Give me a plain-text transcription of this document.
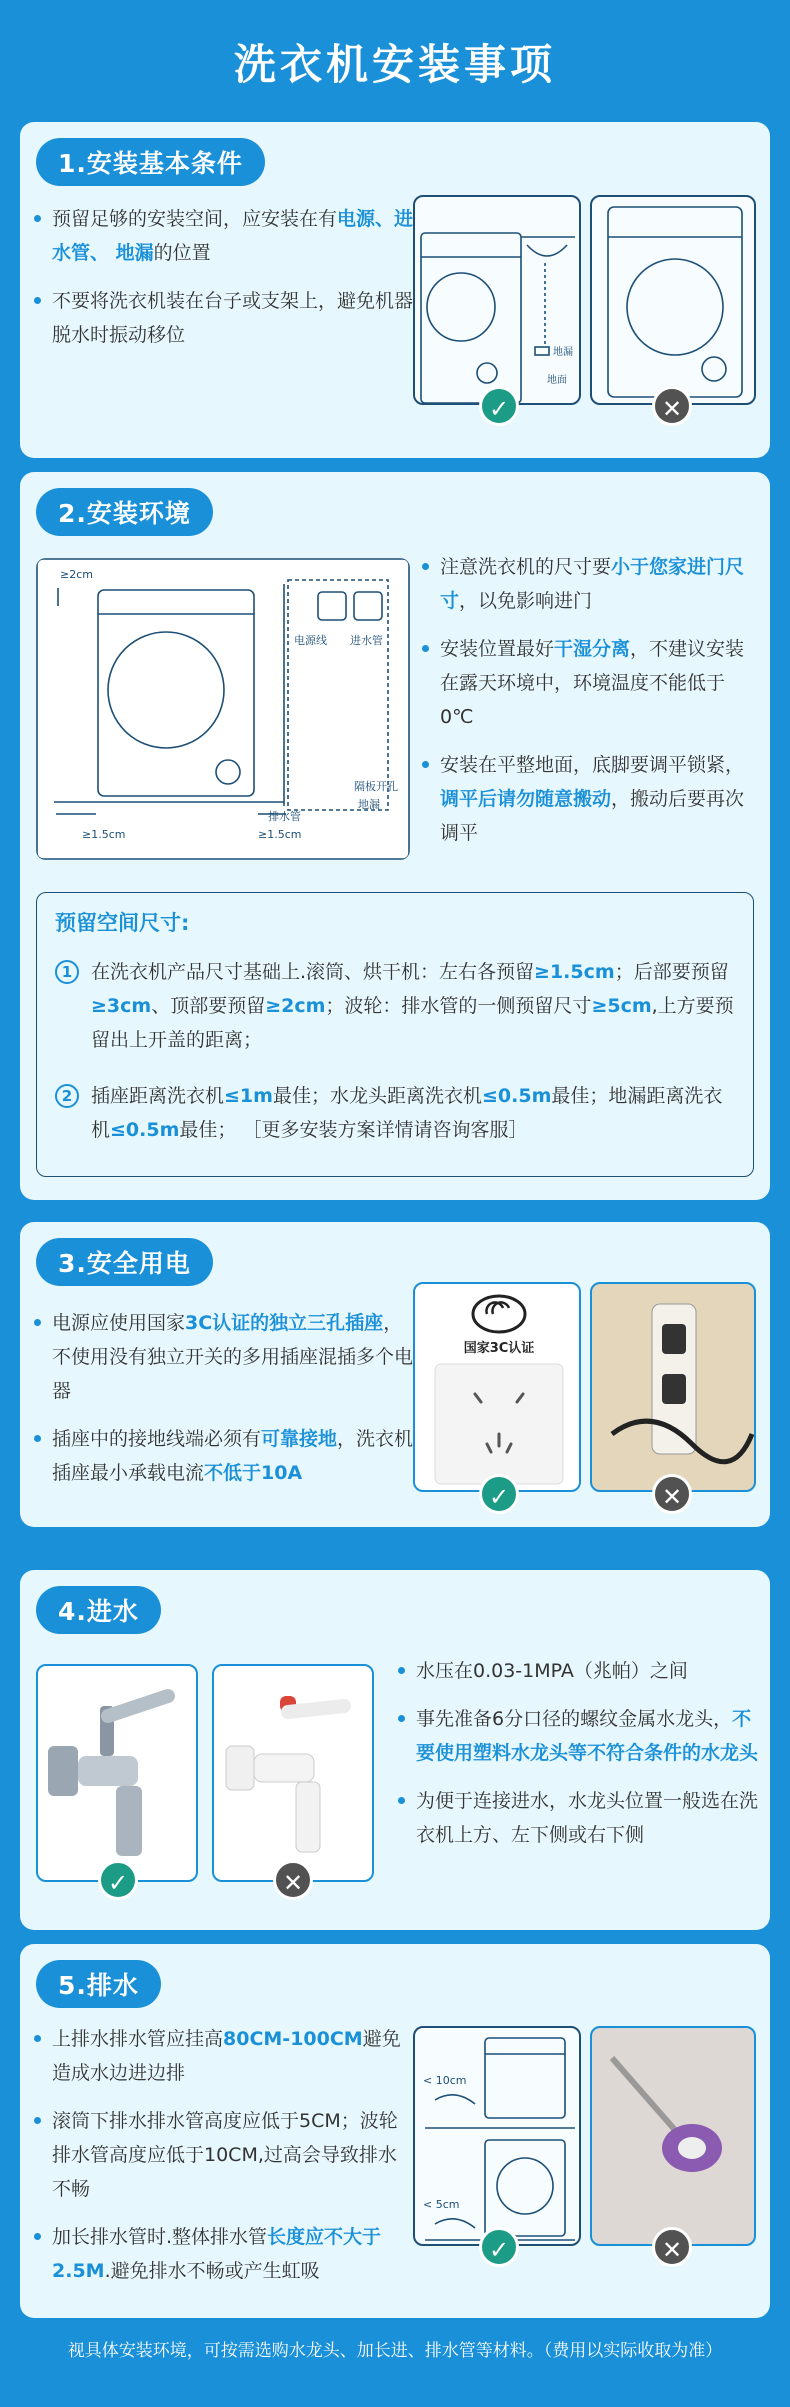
洗衣机安装事项
1.安装基本条件

预留足够的安装空间，应安装在有电源、进水管、 地漏的位置

不要将洗衣机装在台子或支架上，避免机器脱水时振动移位

地漏
地面
✓	✕
2.安装环境
≥2cm
≥1.5cm	≥1.5cm
电源线 进水管
排水管
隔板开孔
地漏

注意洗衣机的尺寸要小于您家进门尺寸，以免影响进门

安装位置最好干湿分离，不建议安装在露天环境中，环境温度不能低于0℃

安装在平整地面，底脚要调平锁紧，调平后请勿随意搬动，搬动后要再次调平

预留空间尺寸:
1 在洗衣机产品尺寸基础上.滚筒、烘干机：左右各预留≥1.5cm；后部要预留≥3cm、顶部要预留≥2cm；波轮：排水管的一侧预留尺寸≥5cm,上方要预留出上开盖的距离；
2 插座距离洗衣机≤1m最佳；水龙头距离洗衣机≤0.5m最佳；地漏距离洗衣机≤0.5m最佳； ［更多安装方案详情请咨询客服］
3.安全用电

电源应使用国家3C认证的独立三孔插座，不使用没有独立开关的多用插座混插多个电器

插座中的接地线端必须有可靠接地，洗衣机插座最小承载电流不低于10A

国家3C认证
✓	✕
4.进水
✓	✕

水压在0.03-1MPA（兆帕）之间

事先准备6分口径的螺纹金属水龙头，不要使用塑料水龙头等不符合条件的水龙头

为便于连接进水，水龙头位置一般选在洗衣机上方、左下侧或右下侧

5.排水

上排水排水管应挂高80CM-100CM避免造成水边进边排

滚筒下排水排水管高度应低于5CM；波轮排水管高度应低于10CM,过高会导致排水不畅

加长排水管时.整体排水管长度应不大于2.5M.避免排水不畅或产生虹吸

< 10cm
< 5cm
✓	✕
视具体安装环境，可按需选购水龙头、加长进、排水管等材料。（费用以实际收取为准）
